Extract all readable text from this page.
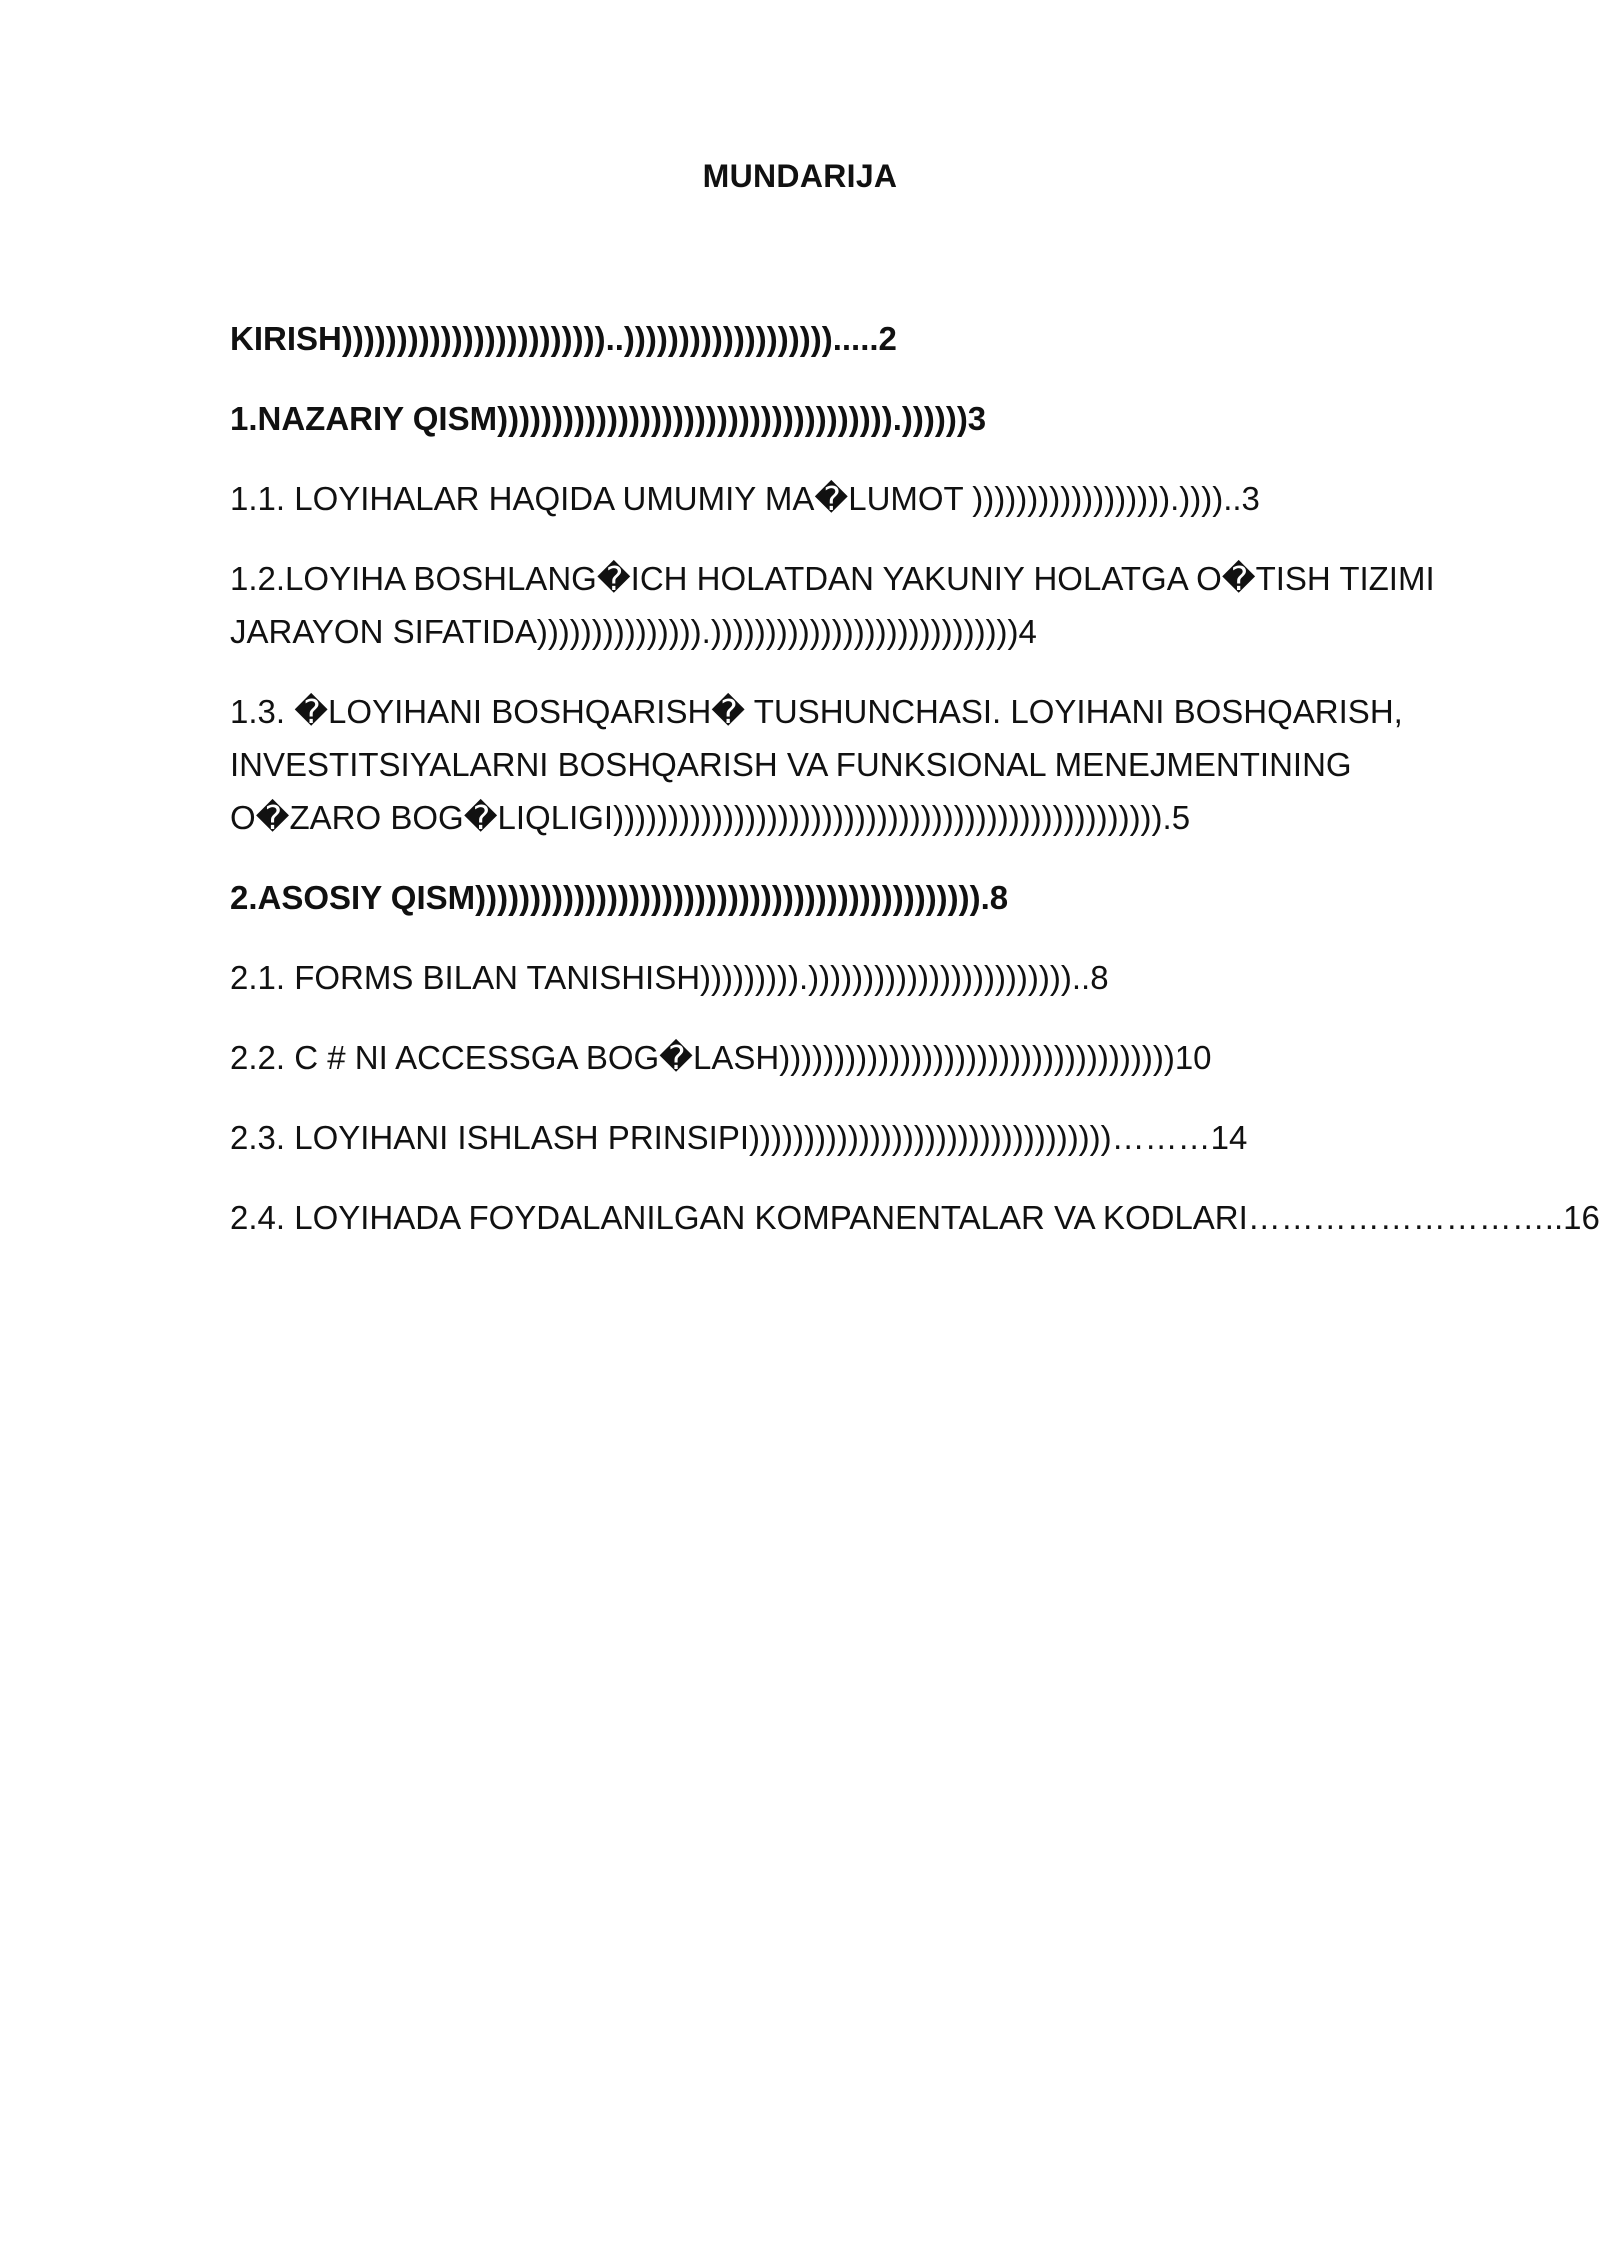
MUNDARIJA
KIRISH))))))))))))))))))))))))..))))))))))))))))))).....2
1.NAZARIY QISM)))))))))))))))))))))))))))))))))))).))))))3
1.1. LOYIHALAR HAQIDA UMUMIY MA�LUMOT )))))))))))))))))).))))..3
1.2.LOYIHA BOSHLANG�ICH HOLATDAN YAKUNIY HOLATGA O�TISH TIZIMI JARAYON SIFATIDA))))))))))))))).))))))))))))))))))))))))))))4
1.3. �LOYIHANI BOSHQARISH� TUSHUNCHASI. LOYIHANI BOSHQARISH, INVESTITSIYALARNI BOSHQARISH VA FUNKSIONAL MENEJMENTINING O�ZARO BOG�LIQLIGI)))))))))))))))))))))))))))))))))))))))))))))))))).5
2.ASOSIY QISM)))))))))))))))))))))))))))))))))))))))))))))).8
2.1. FORMS BILAN TANISHISH))))))))).))))))))))))))))))))))))..8
2.2. C # NI ACCESSGA BOG�LASH))))))))))))))))))))))))))))))))))))10
2.3. LOYIHANI ISHLASH PRINSIPI)))))))))))))))))))))))))))))))))………14
2.4. LOYIHADA FOYDALANILGAN KOMPANENTALAR VA KODLARI………………………..16
